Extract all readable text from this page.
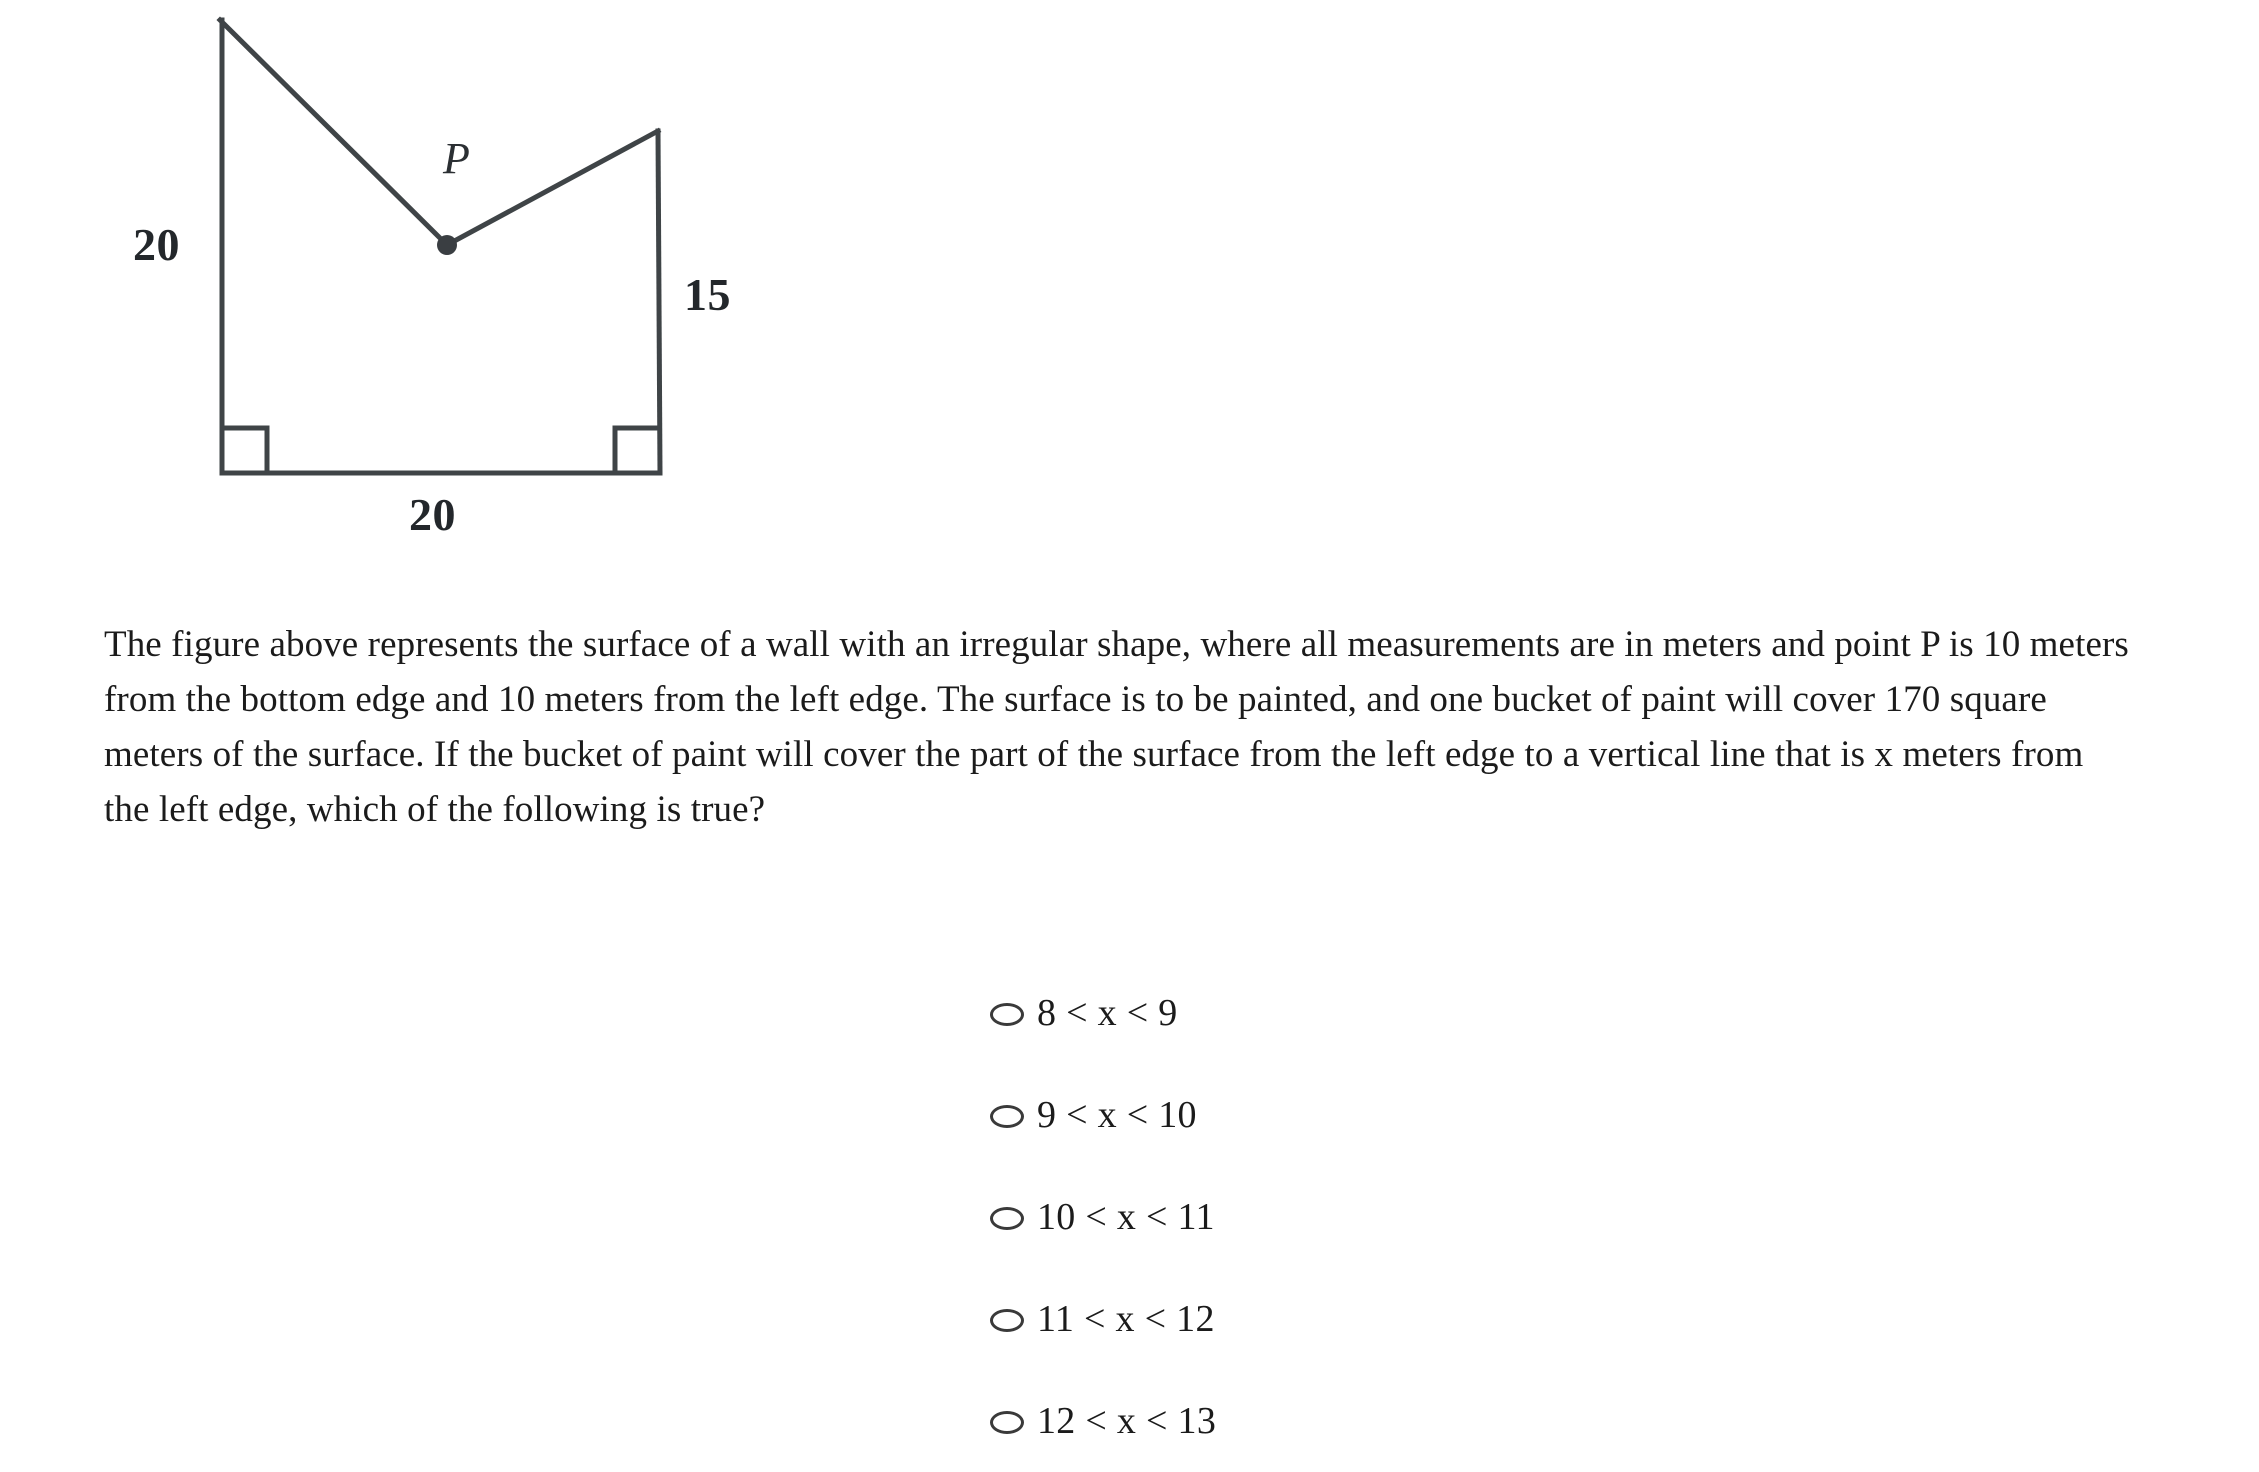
20
15
20
P

The figure above represents the surface of a wall with an irregular shape, where all measurements are in meters and point P is 10 meters from the bottom edge and 10 meters from the left edge. The surface is to be painted, and one bucket of paint will cover 170 square meters of the surface. If the bucket of paint will cover the part of the surface from the left edge to a vertical line that is x meters from the left edge, which of the following is true?

8 < x < 9
9 < x < 10
10 < x < 11
11 < x < 12
12 < x < 13
